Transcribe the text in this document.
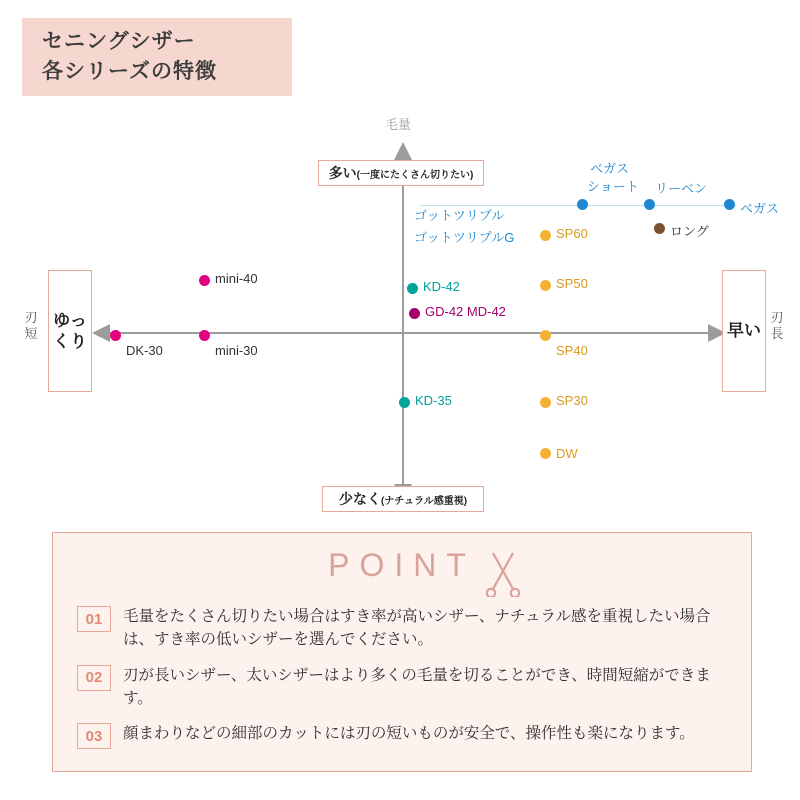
セニングシザー
各シリーズの特徴
毛量
多い (一度にたくさん切りたい)
少なく (ナチュラル感重視)
ゆっくり
早い
刃
短
刃
長
ゴットツリプル
ゴットツリプルG
DK-30	mini-30
mini-40
KD-42
KD-35
GD-42 MD-42
SP60
SP50
SP40
SP30
DW
ベガス
ショート リーベン
ベガス
ロング
POINT
01	毛量をたくさん切りたい場合はすき率が高いシザー、ナチュラル感を重視したい場合は、すき率の低いシザーを選んでください。
02	刃が長いシザー、太いシザーはより多くの毛量を切ることができ、時間短縮ができます。
03	顔まわりなどの細部のカットには刃の短いものが安全で、操作性も楽になります。
